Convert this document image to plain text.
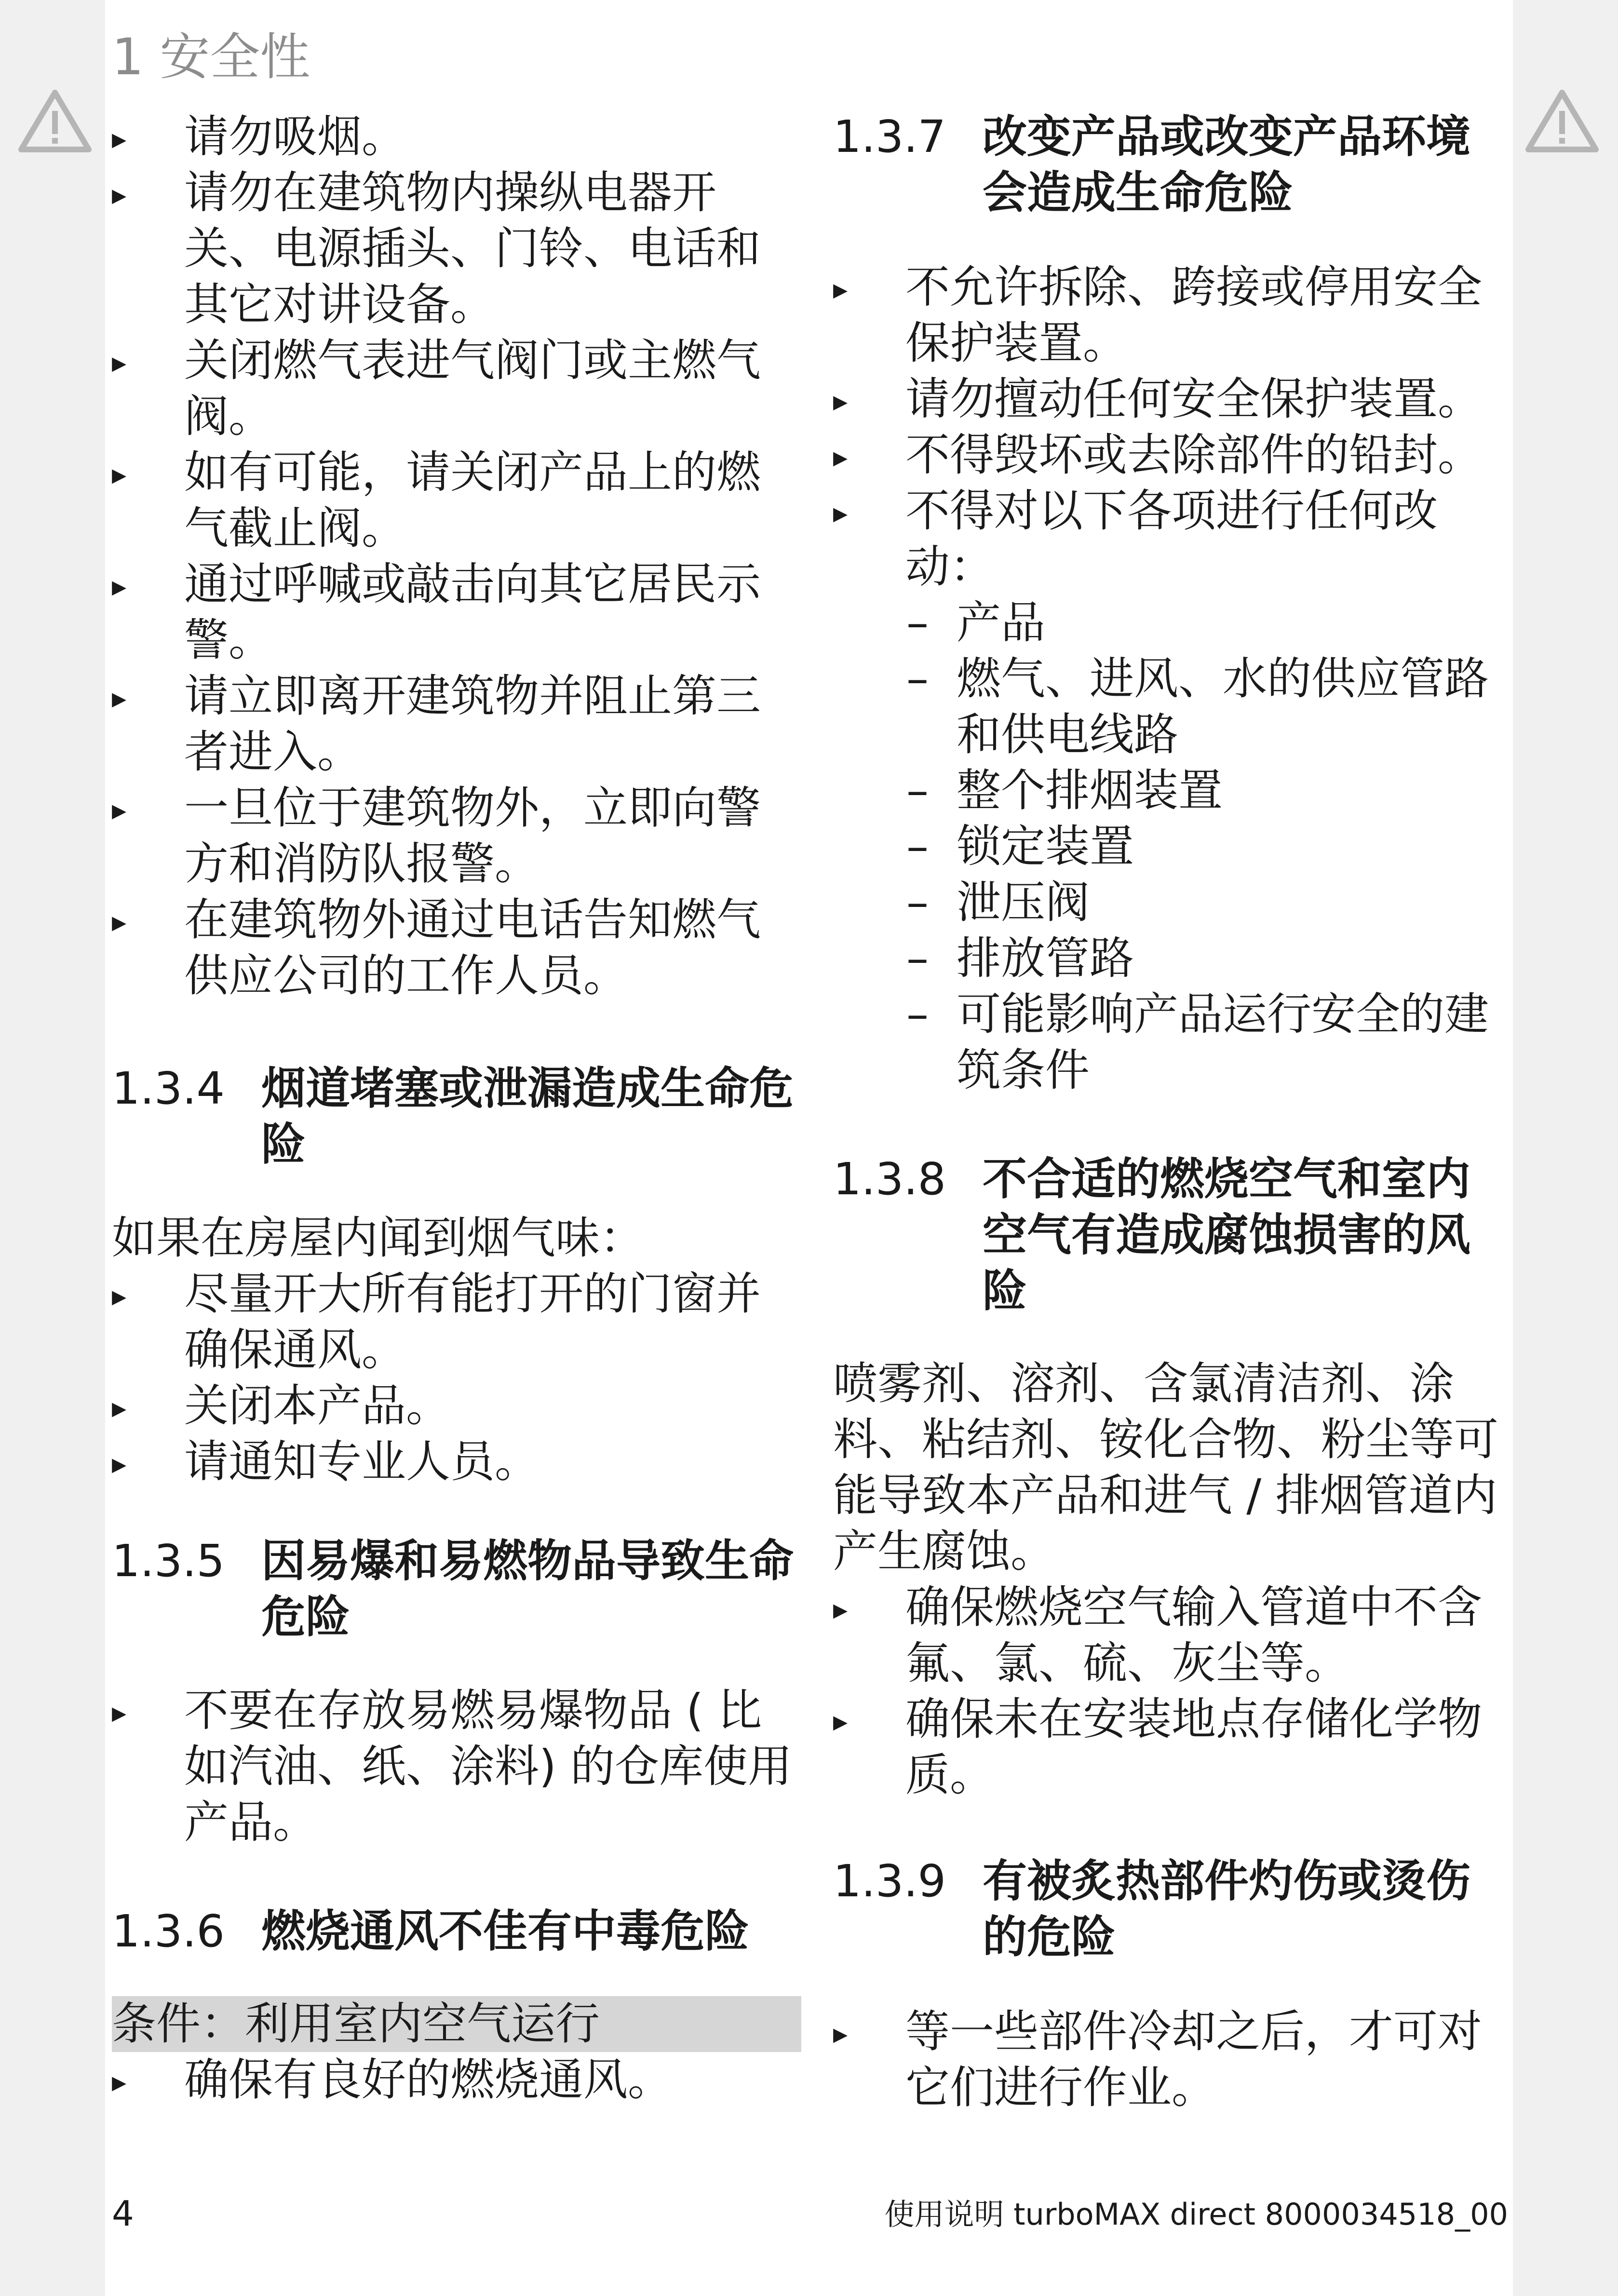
1 安全性
▸ 请勿吸烟。
▸ 请勿在建筑物内操纵电器开关、电源插头、门铃、电话和其它对讲设备。
▸ 关闭燃气表进气阀门或主燃气阀。
▸ 如有可能，请关闭产品上的燃气截止阀。
▸ 通过呼喊或敲击向其它居民示警。
▸ 请立即离开建筑物并阻止第三者进入。
▸ 一旦位于建筑物外，立即向警方和消防队报警。
▸ 在建筑物外通过电话告知燃气供应公司的工作人员。
1.3.4 烟道堵塞或泄漏造成生命危险
如果在房屋内闻到烟气味：
▸ 尽量开大所有能打开的门窗并确保通风。
▸ 关闭本产品。
▸ 请通知专业人员。
1.3.5 因易爆和易燃物品导致生命危险
▸ 不要在存放易燃易爆物品 ( 比如汽油、纸、涂料) 的仓库使用产品。
1.3.6 燃烧通风不佳有中毒危险
条件：利用室内空气运行
▸ 确保有良好的燃烧通风。
1.3.7 改变产品或改变产品环境会造成生命危险
▸ 不允许拆除、跨接或停用安全保护装置。
▸ 请勿擅动任何安全保护装置。
▸ 不得毁坏或去除部件的铅封。
▸ 不得对以下各项进行任何改动：
– 产品
– 燃气、进风、水的供应管路和供电线路
– 整个排烟装置
– 锁定装置
– 泄压阀
– 排放管路
– 可能影响产品运行安全的建筑条件
1.3.8 不合适的燃烧空气和室内空气有造成腐蚀损害的风险
喷雾剂、溶剂、含氯清洁剂、涂料、粘结剂、铵化合物、粉尘等可能导致本产品和进气 / 排烟管道内产生腐蚀。
▸ 确保燃烧空气输入管道中不含氟、氯、硫、灰尘等。
▸ 确保未在安装地点存储化学物质。
1.3.9 有被炙热部件灼伤或烫伤的危险
▸ 等一些部件冷却之后，才可对它们进行作业。
4	使用说明 turboMAX direct 8000034518_00
